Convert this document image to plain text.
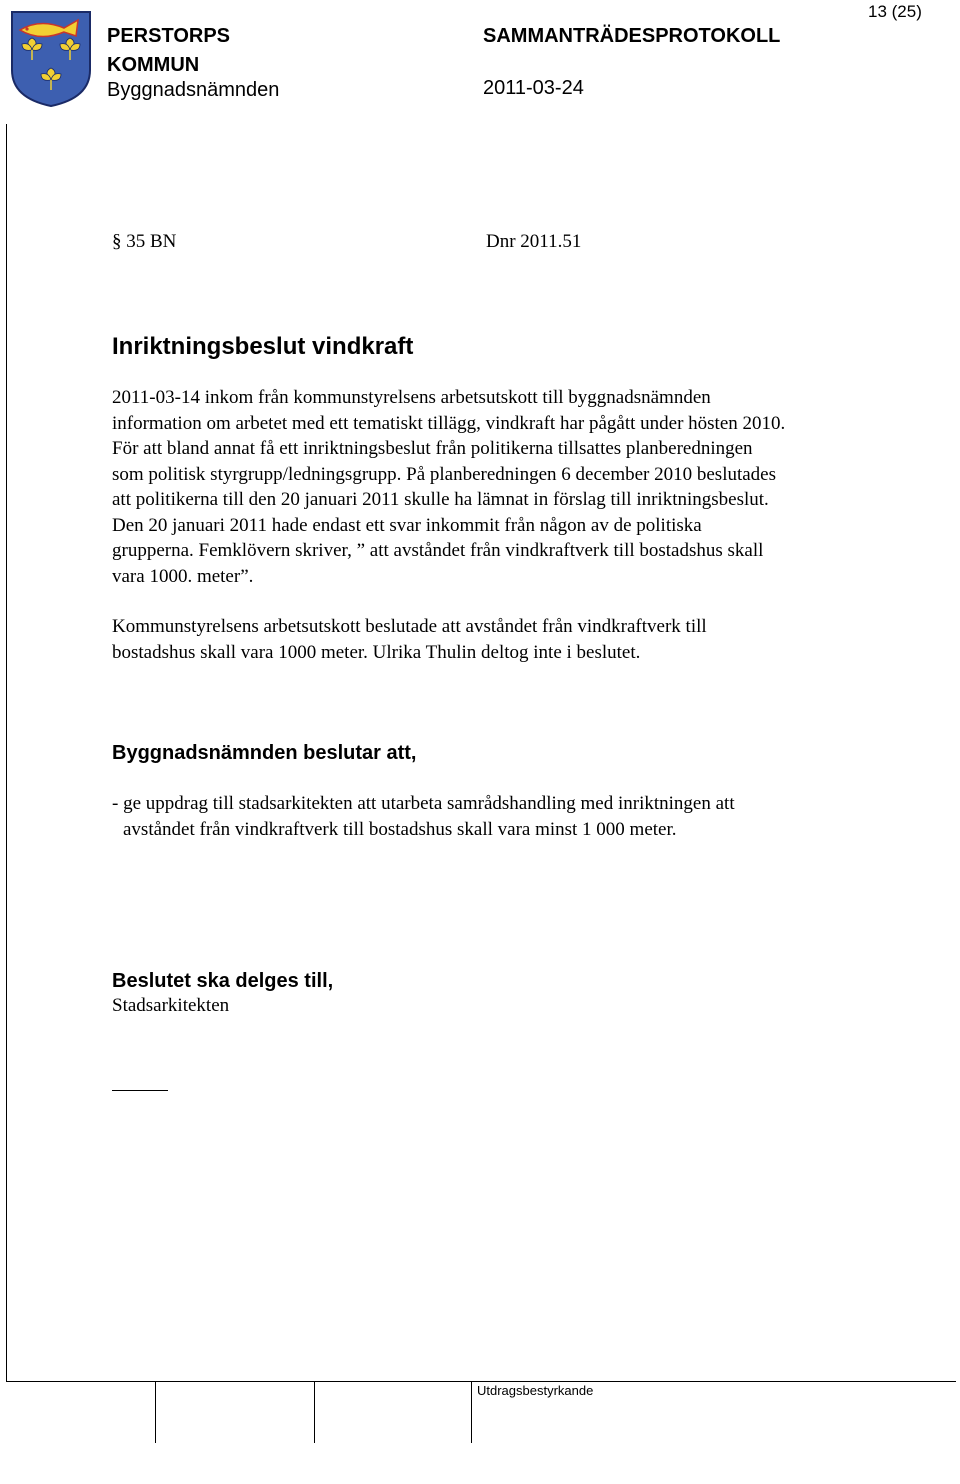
PERSTORPS
KOMMUN
Byggnadsnämnden
SAMMANTRÄDESPROTOKOLL
2011-03-24
13 (25)
§ 35 BN	Dnr 2011.51
Inriktningsbeslut vindkraft
2011-03-14 inkom från kommunstyrelsens arbetsutskott till byggnadsnämnden
information om arbetet med ett tematiskt tillägg, vindkraft har pågått under hösten 2010.
För att bland annat få ett inriktningsbeslut från politikerna tillsattes planberedningen
som politisk styrgrupp/ledningsgrupp. På planberedningen 6 december 2010 beslutades
att politikerna till den 20 januari 2011 skulle ha lämnat in förslag till inriktningsbeslut.
Den 20 januari 2011 hade endast ett svar inkommit från någon av de politiska
grupperna. Femklövern skriver, ” att avståndet från vindkraftverk till bostadshus skall
vara 1000. meter”.
Kommunstyrelsens arbetsutskott beslutade att avståndet från vindkraftverk till
bostadshus skall vara 1000 meter. Ulrika Thulin deltog inte i beslutet.
Byggnadsnämnden beslutar att,
- ge uppdrag till stadsarkitekten att utarbeta samrådshandling med inriktningen att
avståndet från vindkraftverk till bostadshus skall vara minst 1 000 meter.
Beslutet ska delges till,
Stadsarkitekten
Utdragsbestyrkande
